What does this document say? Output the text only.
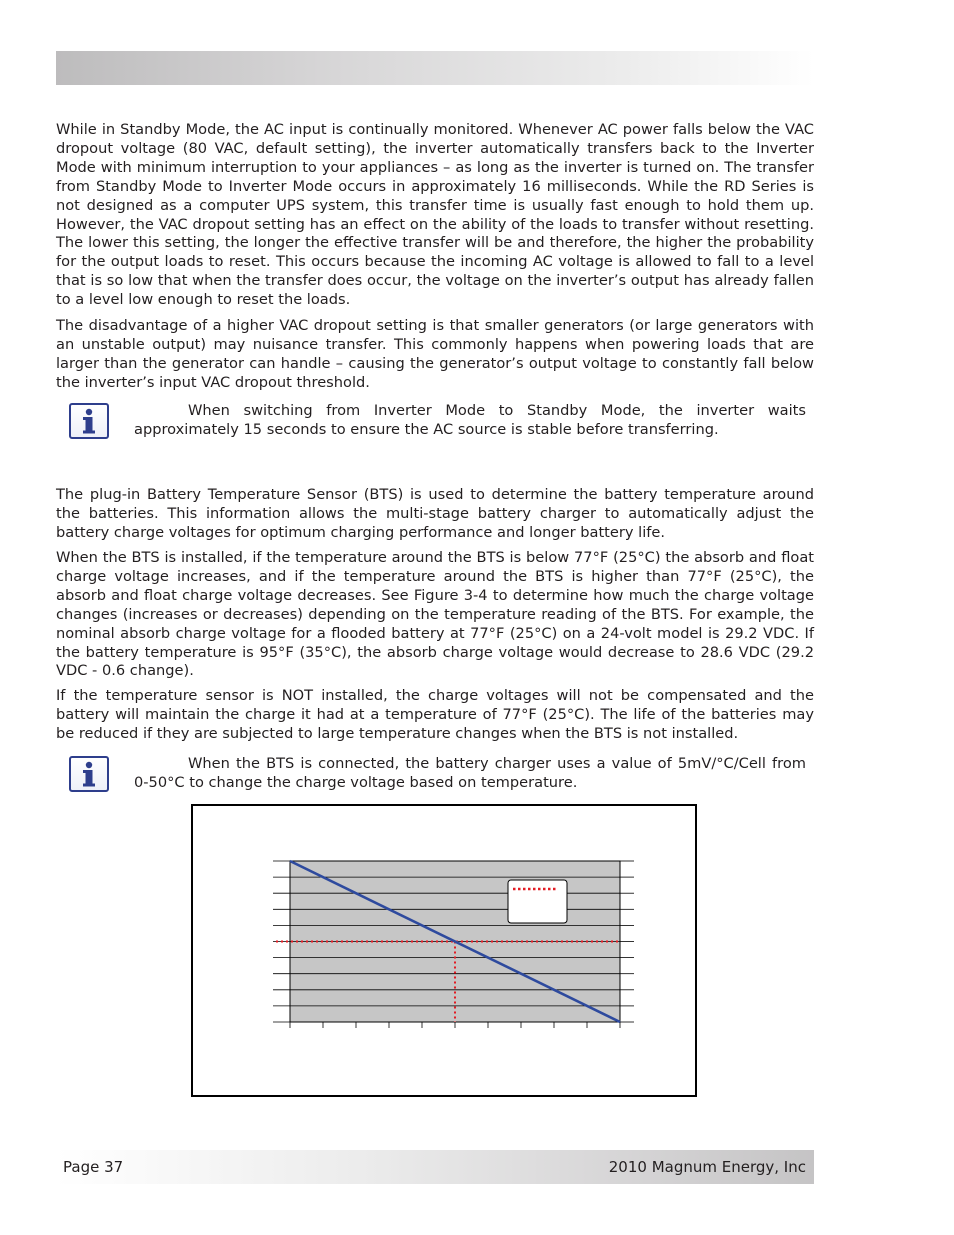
While in Standby Mode, the AC input is continually monitored. Whenever AC power falls below the VAC dropout voltage (80 VAC, default setting), the inverter automatically transfers back to the Inverter Mode with minimum interruption to your appliances – as long as the inverter is turned on. The transfer from Standby Mode to Inverter Mode occurs in approximately 16 milliseconds. While the RD Series is not designed as a computer UPS system, this transfer time is usually fast enough to hold them up. However, the VAC dropout setting has an effect on the ability of the loads to transfer without resetting. The lower this setting, the longer the effective transfer will be and therefore, the higher the probability for the output loads to reset. This occurs because the incoming AC voltage is allowed to fall to a level that is so low that when the transfer does occur, the voltage on the inverter’s output has already fallen to a level low enough to reset the loads.

The disadvantage of a higher VAC dropout setting is that smaller generators (or large generators with an unstable output) may nuisance transfer. This commonly happens when powering loads that are larger than the generator can handle – causing the generator’s output voltage to constantly fall below the inverter’s input VAC dropout threshold.

When switching from Inverter Mode to Standby Mode, the inverter waits approximately 15 seconds to ensure the AC source is stable before transferring.

The plug-in Battery Temperature Sensor (BTS) is used to determine the battery temperature around the batteries. This information allows the multi-stage battery charger to automatically adjust the battery charge voltages for optimum charging performance and longer battery life.

When the BTS is installed, if the temperature around the BTS is below 77°F (25°C) the absorb and float charge voltage increases, and if the temperature around the BTS is higher than 77°F (25°C), the absorb and float charge voltage decreases. See Figure 3-4 to determine how much the charge voltage changes (increases or decreases) depending on the temperature reading of the BTS. For example, the nominal absorb charge voltage for a flooded battery at 77°F (25°C) on a 24-volt model is 29.2 VDC. If the battery temperature is 95°F (35°C), the absorb charge voltage would decrease to 28.6 VDC (29.2 VDC - 0.6 change).

If the temperature sensor is NOT installed, the charge voltages will not be compensated and the battery will maintain the charge it had at a temperature of 77°F (25°C). The life of the batteries may be reduced if they are subjected to large temperature changes when the BTS is not installed.

When the BTS is connected, the battery charger uses a value of 5mV/°C/Cell from 0-50°C to change the charge voltage based on temperature.

Page 37	2010 Magnum Energy, Inc
